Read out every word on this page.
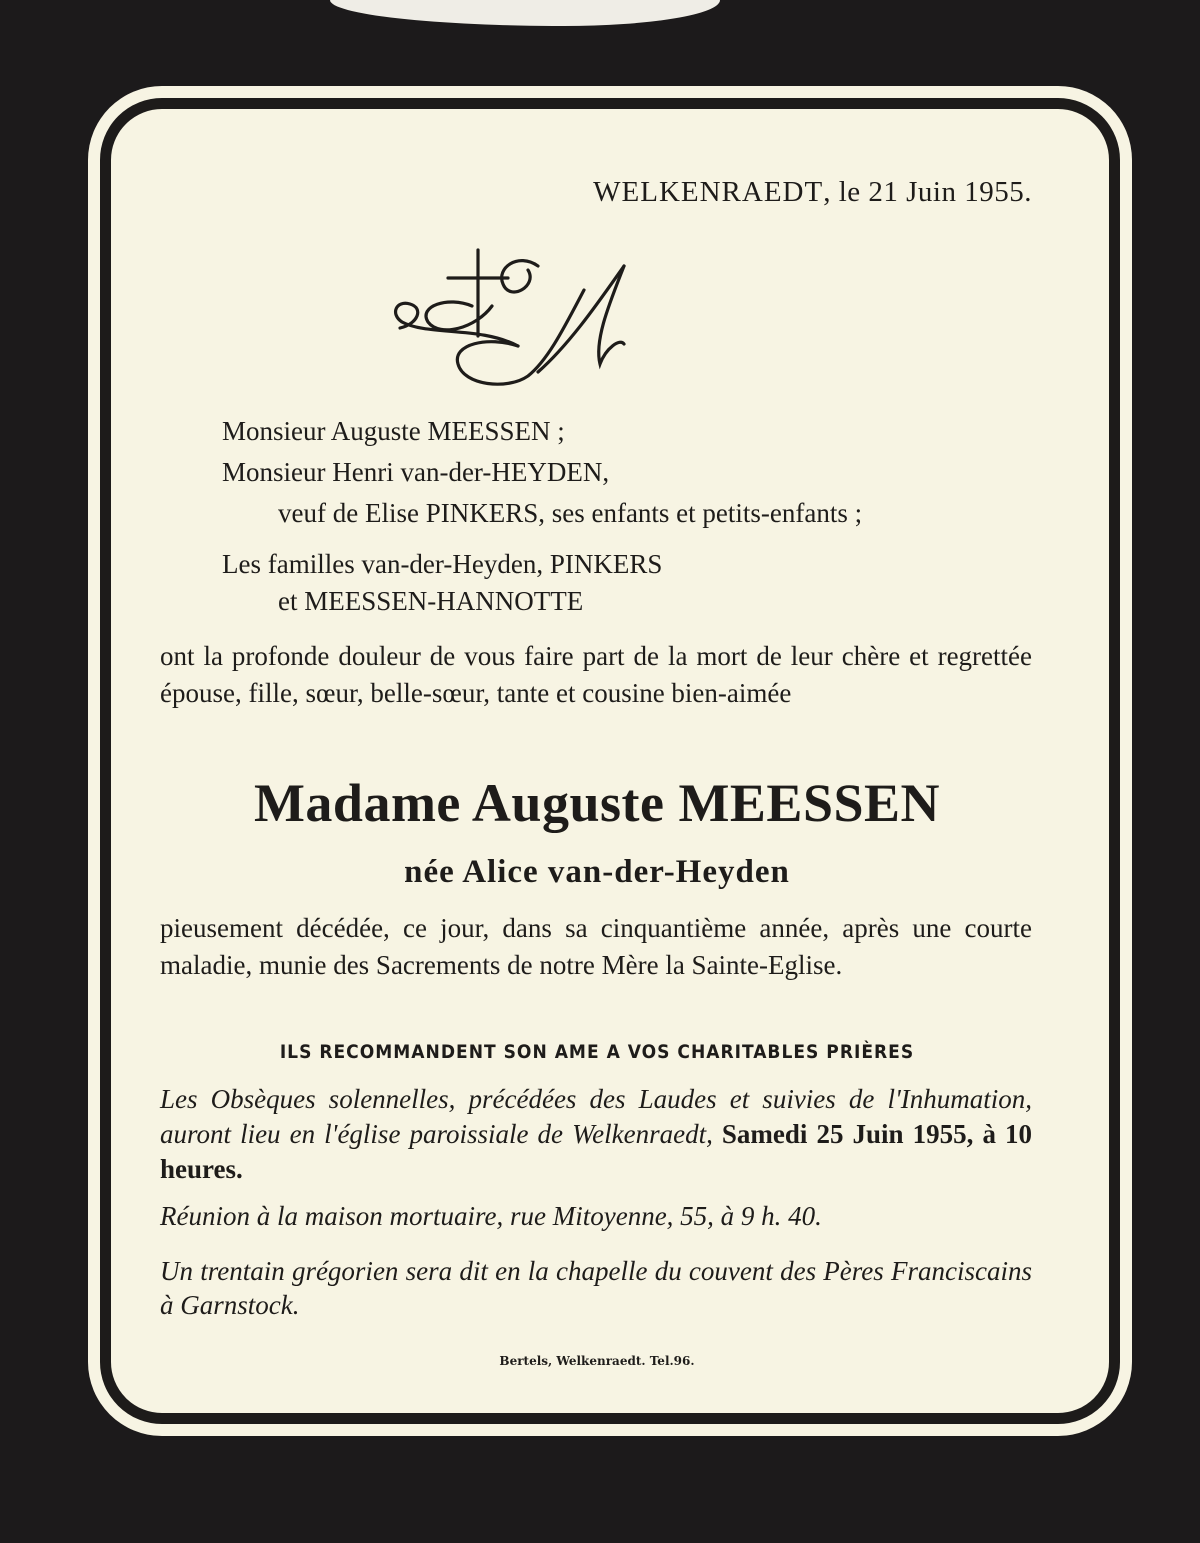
WELKENRAEDT, le 21 Juin 1955.
M
Monsieur Auguste MEESSEN ;
Monsieur Henri van-der-HEYDEN,
veuf de Elise PINKERS, ses enfants et petits-enfants ;
Les familles van-der-Heyden, PINKERS
et MEESSEN-HANNOTTE
ont la profonde douleur de vous faire part de la mort de leur chère et regrettée épouse, fille, sœur, belle-sœur, tante et cousine bien-aimée
Madame Auguste MEESSEN
née Alice van-der-Heyden
pieusement décédée, ce jour, dans sa cinquantième année, après une courte maladie, munie des Sacrements de notre Mère la Sainte-Eglise.
ILS RECOMMANDENT SON AME A VOS CHARITABLES PRIÈRES
Les Obsèques solennelles, précédées des Laudes et suivies de l'Inhumation, auront lieu en l'église paroissiale de Welkenraedt, Samedi 25 Juin 1955, à 10 heures.
Réunion à la maison mortuaire, rue Mitoyenne, 55, à 9 h. 40.
Un trentain grégorien sera dit en la chapelle du couvent des Pères Franciscains à Garnstock.
Bertels, Welkenraedt. Tel.96.
